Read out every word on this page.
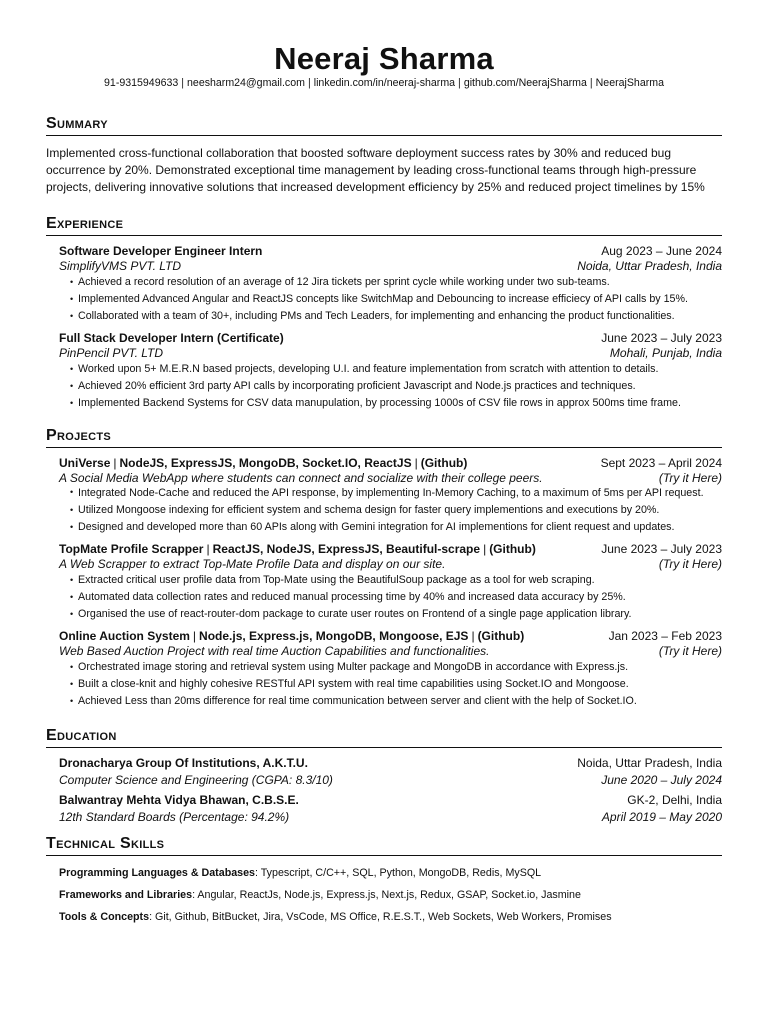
Neeraj Sharma
91-9315949633 | neesharm24@gmail.com | linkedin.com/in/neeraj-sharma | github.com/NeerajSharma | NeerajSharma
Summary
Implemented cross-functional collaboration that boosted software deployment success rates by 30% and reduced bug
occurrence by 20%. Demonstrated exceptional time management by leading cross-functional teams through high-pressure
projects, delivering innovative solutions that increased development efficiency by 25% and reduced project timelines by 15%
Experience
Software Developer Engineer Intern	Aug 2023 – June 2024
SimplifyVMS PVT. LTD	Noida, Uttar Pradesh, India
• Achieved a record resolution of an average of 12 Jira tickets per sprint cycle while working under two sub-teams.
• Implemented Advanced Angular and ReactJS concepts like SwitchMap and Debouncing to increase efficiecy of API calls by 15%.
• Collaborated with a team of 30+, including PMs and Tech Leaders, for implementing and enhancing the product functionalities.
Full Stack Developer Intern (Certificate)	June 2023 – July 2023
PinPencil PVT. LTD	Mohali, Punjab, India
• Worked upon 5+ M.E.R.N based projects, developing U.I. and feature implementation from scratch with attention to details.
• Achieved 20% efficient 3rd party API calls by incorporating proficient Javascript and Node.js practices and techniques.
• Implemented Backend Systems for CSV data manupulation, by processing 1000s of CSV file rows in approx 500ms time frame.
Projects
UniVerse | NodeJS, ExpressJS, MongoDB, Socket.IO, ReactJS | (Github)	Sept 2023 – April 2024
A Social Media WebApp where students can connect and socialize with their college peers.	(Try it Here)
• Integrated Node-Cache and reduced the API response, by implementing In-Memory Caching, to a maximum of 5ms per API request.
• Utilized Mongoose indexing for efficient system and schema design for faster query implementions and executions by 20%.
• Designed and developed more than 60 APIs along with Gemini integration for AI implementions for client request and updates.
TopMate Profile Scrapper | ReactJS, NodeJS, ExpressJS, Beautiful-scrape | (Github)	June 2023 – July 2023
A Web Scrapper to extract Top-Mate Profile Data and display on our site.	(Try it Here)
• Extracted critical user profile data from Top-Mate using the BeautifulSoup package as a tool for web scraping.
• Automated data collection rates and reduced manual processing time by 40% and increased data accuracy by 25%.
• Organised the use of react-router-dom package to curate user routes on Frontend of a single page application library.
Online Auction System | Node.js, Express.js, MongoDB, Mongoose, EJS | (Github)	Jan 2023 – Feb 2023
Web Based Auction Project with real time Auction Capabilities and functionalities.	(Try it Here)
• Orchestrated image storing and retrieval system using Multer package and MongoDB in accordance with Express.js.
• Built a close-knit and highly cohesive RESTful API system with real time capabilities using Socket.IO and Mongoose.
• Achieved Less than 20ms difference for real time communication between server and client with the help of Socket.IO.
Education
Dronacharya Group Of Institutions, A.K.T.U.	Noida, Uttar Pradesh, India
Computer Science and Engineering (CGPA: 8.3/10)	June 2020 – July 2024
Balwantray Mehta Vidya Bhawan, C.B.S.E.	GK-2, Delhi, India
12th Standard Boards (Percentage: 94.2%)	April 2019 – May 2020
Technical Skills
Programming Languages & Databases: Typescript, C/C++, SQL, Python, MongoDB, Redis, MySQL
Frameworks and Libraries: Angular, ReactJs, Node.js, Express.js, Next.js, Redux, GSAP, Socket.io, Jasmine
Tools & Concepts: Git, Github, BitBucket, Jira, VsCode, MS Office, R.E.S.T., Web Sockets, Web Workers, Promises
